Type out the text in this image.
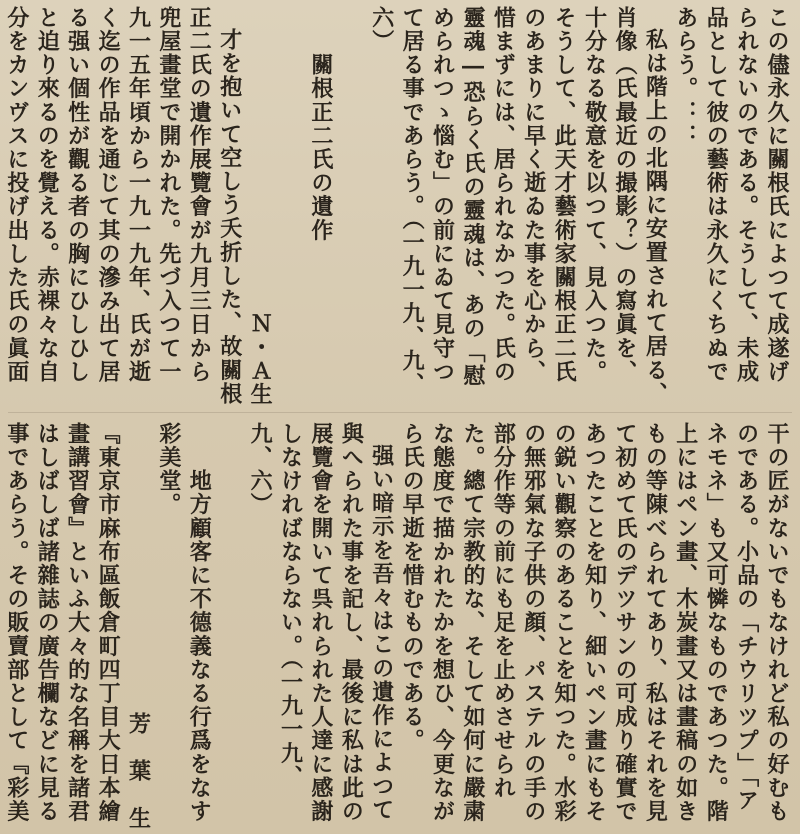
この儘永久に關根氏によつて成遂げられないのである。そうして、未成品として彼の藝術は永久にくちぬであらう。：：

私は階上の北隅に安置されて居る、肖像（氏最近の撮影？）の寫眞を、十分なる敬意を以つて、見入つた。そうして、此天才藝術家關根正二氏のあまりに早く逝ゐた事を心から、惜まずには、居られなかつた。氏の靈魂―恐らく氏の靈魂は、あの「慰められつゝ惱む」の前にゐて見守つて居る事であらう。（一九一九、九、六）

　　關根正二氏の遺作

Ｎ・Ａ生　　

才を抱いて空しう夭折した、故關根正二氏の遺作展覽會が九月三日から兜屋畫堂で開かれた。先づ入つて一九一五年頃から一九一九年、氏が逝く迄の作品を通じて其の滲み出て居る强い個性が觀る者の胸にひしひしと迫り來るのを覺える。赤裸々な自分をカンヴスに投げ出した氏の眞面

干の匠がないでもなけれど私の好むものである。小品の「チウリツプ」「アネモネ」も又可憐なものであつた。階上にはペン畫、木炭畫又は畫稿の如きもの等陳べられてあり、私はそれを見て初めて氏のデツサンの可成り確實であつたことを知り、細いペン畫にもその鋭い觀察のあることを知つた。水彩の無邪氣な子供の顏、パステルの手の部分作等の前にも足を止めさせられた。總て宗教的な、そして如何に嚴粛な態度で描かれたかを想ひ、今更ながら氏の早逝を惜むものである。

强い暗示を吾々はこの遺作によつて與へられた事を記し、最後に私は此の展覽會を開いて呉れられた人達に感謝しなければならない。（一九一九、九、六）

　　地方顧客に不德義なる行爲をなす彩美堂。

芳　葉　生　

『東京市麻布區飯倉町四丁目大日本繪畫講習會』といふ大々的な名稱を諸君はしばしば諸雜誌の廣告欄などに見る事であらう。その販賣部として『彩美
